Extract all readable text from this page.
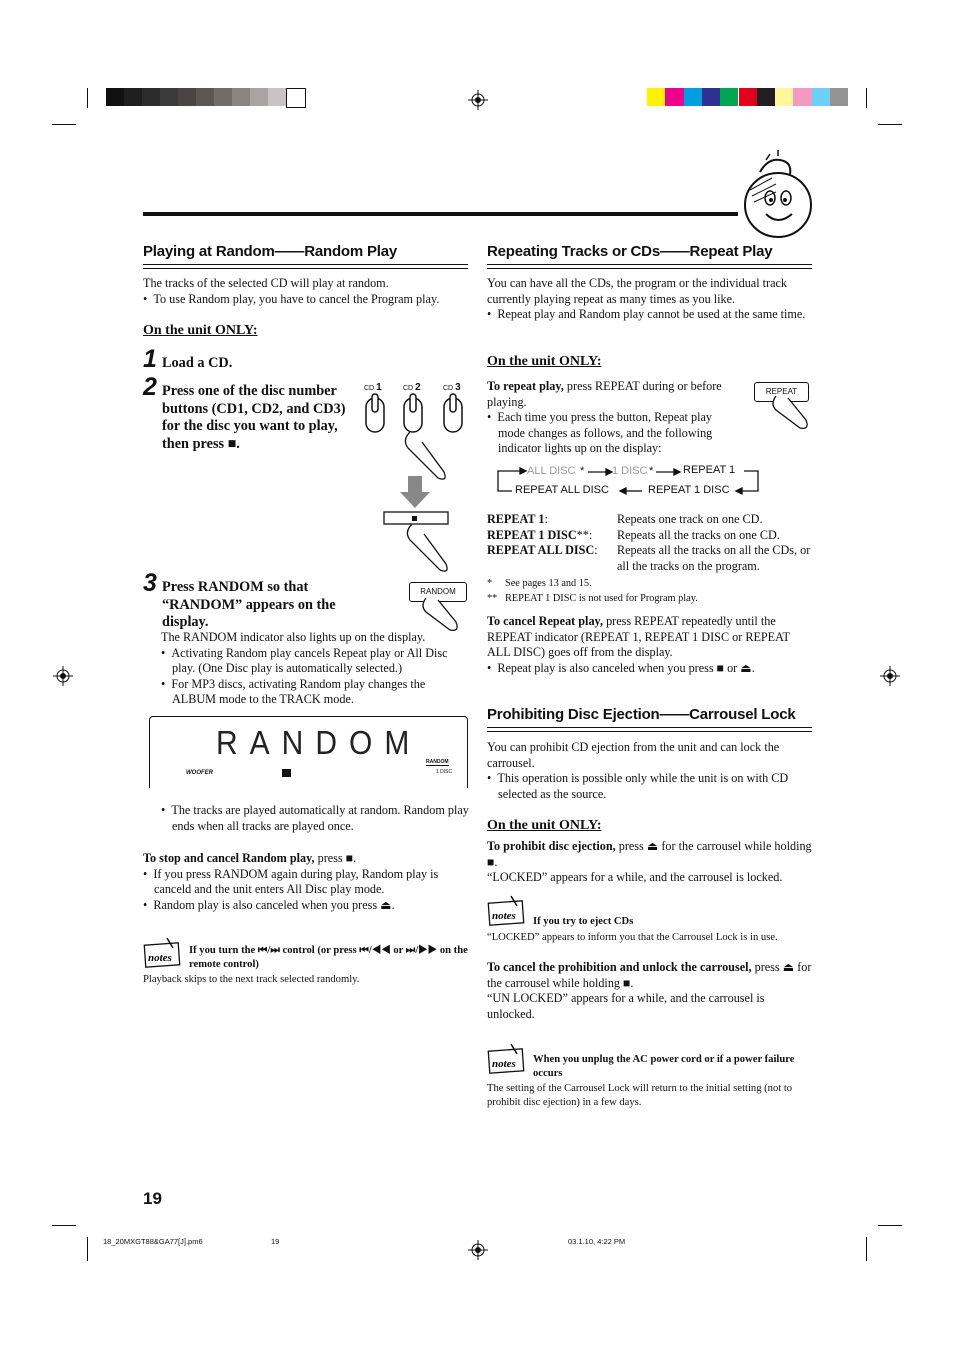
Playing at Random——Random Play

The tracks of the selected CD will play at random.

•  To use Random play, you have to cancel the Program play.

On the unit ONLY:
1 Load a CD.
2 Press one of the disc number buttons (CD1, CD2, and CD3) for the disc you want to play, then press ■.
CD 1	CD 2	CD 3
3 Press RANDOM so that “RANDOM” appears on the display.
RANDOM

The RANDOM indicator also lights up on the display.

•  Activating Random play cancels Repeat play or All Disc play. (One Disc play is automatically selected.)

•  For MP3 discs, activating Random play changes the ALBUM mode to the TRACK mode.

RANDOM
WOOFER
RANDOM
1 DISC

•  The tracks are played automatically at random. Random play ends when all tracks are played once.

To stop and cancel Random play, press ■.

•  If you press RANDOM again during play, Random play is canceld and the unit enters All Disc play mode.

•  Random play is also canceled when you press ⏏.

notes
If you turn the ⏮/⏭ control (or press ⏮/◀◀ or ⏭/▶▶ on the remote control)
Playback skips to the next track selected randomly.
19
Repeating Tracks or CDs——Repeat Play

You can have all the CDs, the program or the individual track currently playing repeat as many times as you like.

•  Repeat play and Random play cannot be used at the same time.

On the unit ONLY:
REPEAT

To repeat play, press REPEAT during or before playing.

•  Each time you press the button, Repeat play mode changes as follows, and the following indicator lights up on the display:

ALL DISC *	1 DISC *	REPEAT 1
REPEAT ALL DISC	REPEAT 1 DISC
REPEAT 1:	Repeats one track on one CD.
REPEAT 1 DISC**:	Repeats all the tracks on one CD.
REPEAT ALL DISC:	Repeats all the tracks on all the CDs, or all the tracks on the program.
* See pages 13 and 15.
** REPEAT 1 DISC is not used for Program play.

To cancel Repeat play, press REPEAT repeatedly until the REPEAT indicator (REPEAT 1, REPEAT 1 DISC or REPEAT ALL DISC) goes off from the display.

•  Repeat play is also canceled when you press ■ or ⏏.

Prohibiting Disc Ejection——Carrousel Lock

You can prohibit CD ejection from the unit and can lock the carrousel.

•  This operation is possible only while the unit is on with CD selected as the source.

On the unit ONLY:

To prohibit disc ejection, press ⏏ for the carrousel while holding ■.

“LOCKED” appears for a while, and the carrousel is locked.

notes If you try to eject CDs
“LOCKED” appears to inform you that the Carrousel Lock is in use.

To cancel the prohibition and unlock the carrousel, press ⏏ for the carrousel while holding ■.

“UN LOCKED” appears for a while, and the carrousel is unlocked.

notes When you unplug the AC power cord or if a power failure occurs
The setting of the Carrousel Lock will return to the initial setting (not to prohibit disc ejection) in a few days.
18_20MXGT88&GA77[J].pm6	19	03.1.10, 4:22 PM
